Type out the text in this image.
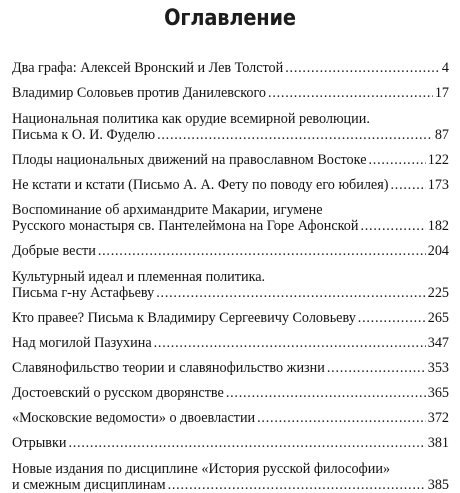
Оглавление
Два графа: Алексей Вронский и Лев Толстой . . .	4
Владимир Соловьев против Данилевского . . .	17
Национальная политика как орудие всемирной революции.
Письма к О. И. Фуделю . . .	87
Плоды национальных движений на православном Востоке . . .	122
Не кстати и кстати (Письмо А. А. Фету по поводу его юбилея) . . .	173
Воспоминание об архимандрите Макарии, игумене
Русского монастыря св. Пантелеймона на Горе Афонской . . .	182
Добрые вести . . .	204
Культурный идеал и племенная политика.
Письма г-ну Астафьеву . . .	225
Кто правее? Письма к Владимиру Сергеевичу Соловьеву . . .	265
Над могилой Пазухина . . .	347
Славянофильство теории и славянофильство жизни . . .	353
Достоевский о русском дворянстве . . .	365
«Московские ведомости» о двоевластии . . .	372
Отрывки . . .	381
Новые издания по дисциплине «История русской философии»
и смежным дисциплинам . . .	385
